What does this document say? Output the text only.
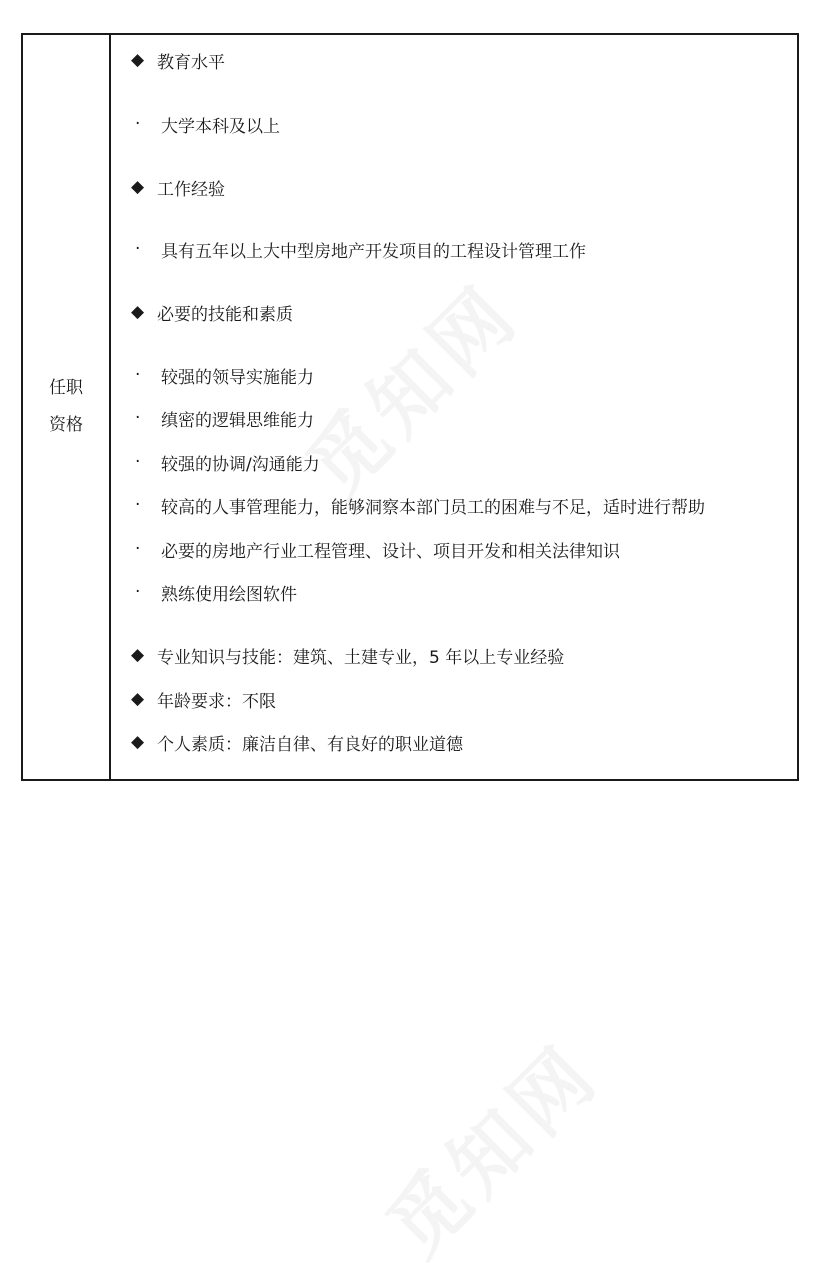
任职
资格
◆ 教育水平
·	大学本科及以上
◆ 工作经验
·	具有五年以上大中型房地产开发项目的工程设计管理工作
◆ 必要的技能和素质
·	较强的领导实施能力
·	缜密的逻辑思维能力
·	较强的协调/沟通能力
·	较高的人事管理能力，能够洞察本部门员工的困难与不足，适时进行帮助
·	必要的房地产行业工程管理、设计、项目开发和相关法律知识
·	熟练使用绘图软件
◆ 专业知识与技能：建筑、土建专业，5 年以上专业经验
◆ 年龄要求：不限
◆ 个人素质：廉洁自律、有良好的职业道德
